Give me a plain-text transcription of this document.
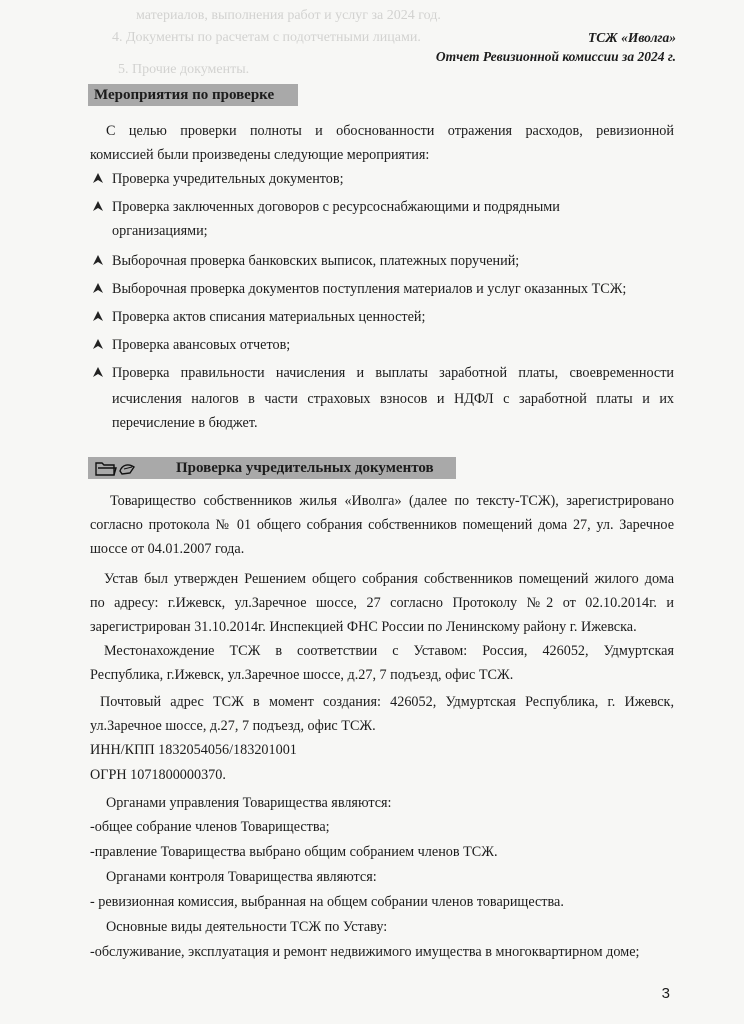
материалов, выполнения работ и услуг за 2024 год.
4. Документы по расчетам с подотчетными лицами.
5. Прочие документы.
ТСЖ «Иволга»
Отчет Ревизионной комиссии за 2024 г.
Мероприятия по проверке
С целью проверки полноты и обоснованности отражения расходов, ревизионной
комиссией были произведены следующие мероприятия:
Проверка учредительных документов;
Проверка заключенных договоров с ресурсоснабжающими и подрядными
организациями;
Выборочная проверка банковских выписок, платежных поручений;
Выборочная проверка документов поступления материалов и услуг оказанных ТСЖ;
Проверка актов списания материальных ценностей;
Проверка авансовых отчетов;
Проверка правильности начисления и выплаты заработной платы, своевременности
исчисления налогов в части страховых взносов и НДФЛ с заработной платы и их
перечисление в бюджет.
Проверка учредительных документов
Товарищество собственников жилья «Иволга» (далее по тексту-ТСЖ), зарегистрировано
согласно протокола № 01 общего собрания собственников помещений дома 27, ул. Заречное
шоссе от 04.01.2007 года.
Устав был утвержден Решением общего собрания собственников помещений жилого дома
по адресу: г.Ижевск, ул.Заречное шоссе, 27 согласно Протоколу №2 от 02.10.2014г. и
зарегистрирован 31.10.2014г. Инспекцией ФНС России по Ленинскому району г. Ижевска.
Местонахождение ТСЖ в соответствии с Уставом: Россия, 426052, Удмуртская
Республика, г.Ижевск, ул.Заречное шоссе, д.27, 7 подъезд, офис ТСЖ.
Почтовый адрес ТСЖ в момент создания: 426052, Удмуртская Республика, г. Ижевск,
ул.Заречное шоссе, д.27, 7 подъезд, офис ТСЖ.
ИНН/КПП 1832054056/183201001
ОГРН 1071800000370.
Органами управления Товарищества являются:
-общее собрание членов Товарищества;
-правление Товарищества выбрано общим собранием членов ТСЖ.
Органами контроля Товарищества являются:
- ревизионная комиссия, выбранная на общем собрании членов товарищества.
Основные виды деятельности ТСЖ по Уставу:
-обслуживание, эксплуатация и ремонт недвижимого имущества в многоквартирном доме;
3
